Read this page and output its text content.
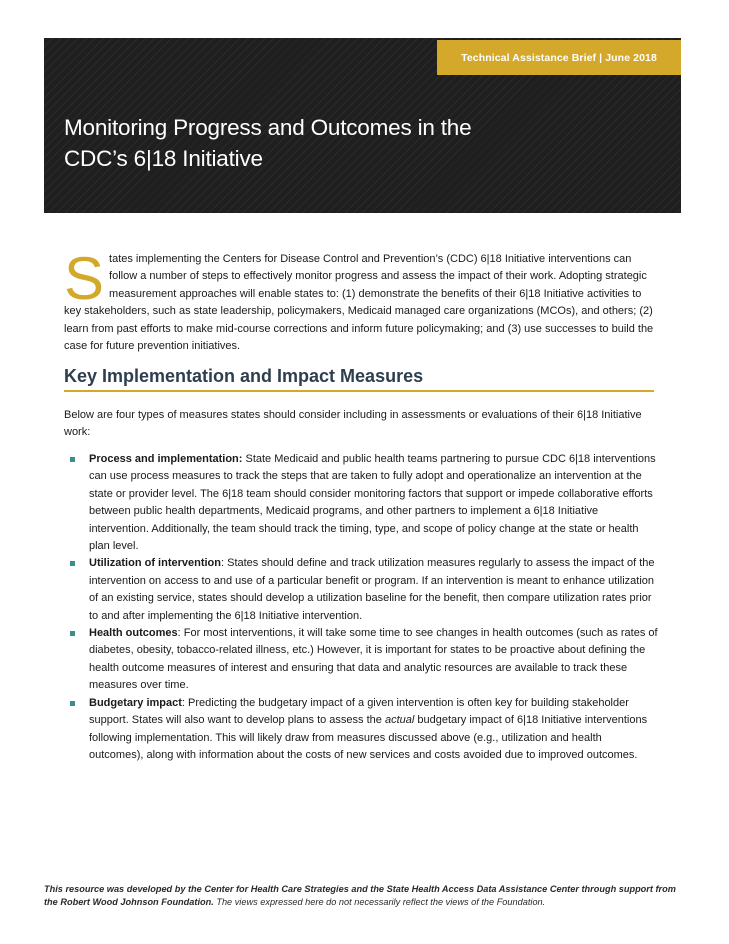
Technical Assistance Brief | June 2018
Monitoring Progress and Outcomes in the
CDC’s 6|18 Initiative

States implementing the Centers for Disease Control and Prevention’s (CDC) 6|18 Initiative interventions can follow a number of steps to effectively monitor progress and assess the impact of their work. Adopting strategic measurement approaches will enable states to: (1) demonstrate the benefits of their 6|18 Initiative activities to key stakeholders, such as state leadership, policymakers, Medicaid managed care organizations (MCOs), and others; (2) learn from past efforts to make mid-course corrections and inform future policymaking; and (3) use successes to build the case for future prevention initiatives.

Key Implementation and Impact Measures

Below are four types of measures states should consider including in assessments or evaluations of their 6|18 Initiative work:

Process and implementation: State Medicaid and public health teams partnering to pursue CDC 6|18 interventions can use process measures to track the steps that are taken to fully adopt and operationalize an intervention at the state or provider level. The 6|18 team should consider monitoring factors that support or impede collaborative efforts between public health departments, Medicaid programs, and other partners to implement a 6|18 Initiative intervention. Additionally, the team should track the timing, type, and scope of policy change at the state or health plan level.
Utilization of intervention: States should define and track utilization measures regularly to assess the impact of the intervention on access to and use of a particular benefit or program. If an intervention is meant to enhance utilization of an existing service, states should develop a utilization baseline for the benefit, then compare utilization rates prior to and after implementing the 6|18 Initiative intervention.
Health outcomes: For most interventions, it will take some time to see changes in health outcomes (such as rates of diabetes, obesity, tobacco-related illness, etc.) However, it is important for states to be proactive about defining the health outcome measures of interest and ensuring that data and analytic resources are available to track these measures over time.
Budgetary impact: Predicting the budgetary impact of a given intervention is often key for building stakeholder support. States will also want to develop plans to assess the actual budgetary impact of 6|18 Initiative interventions following implementation. This will likely draw from measures discussed above (e.g., utilization and health outcomes), along with information about the costs of new services and costs avoided due to improved outcomes.

This resource was developed by the Center for Health Care Strategies and the State Health Access Data Assistance Center through support from the Robert Wood Johnson Foundation. The views expressed here do not necessarily reflect the views of the Foundation.
